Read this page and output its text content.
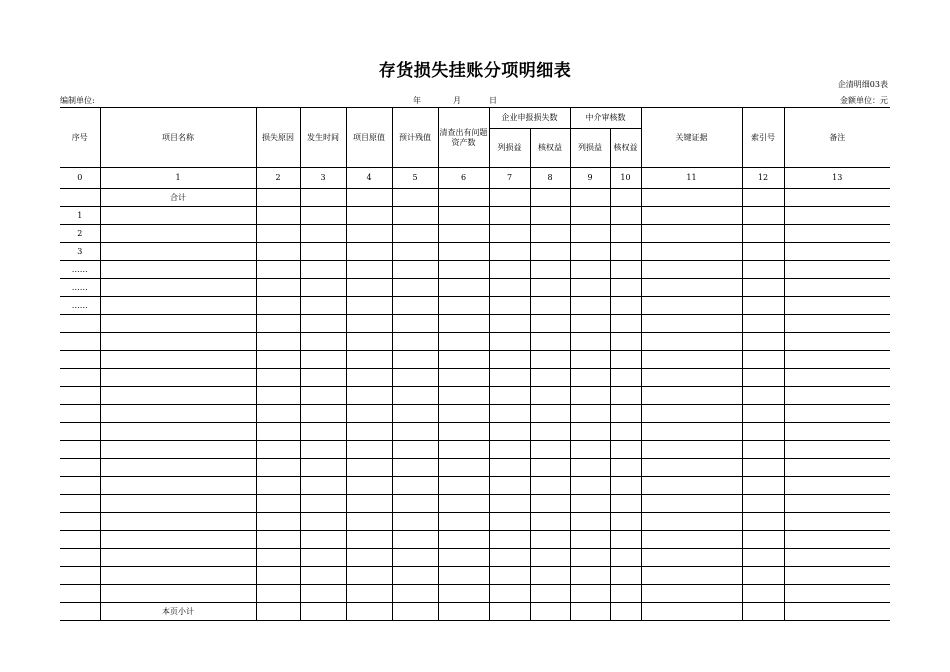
存货损失挂账分项明细表
企清明细03表
编制单位:	年	月	日	金额单位：元
序号	项目名称	损失原因	发生时间	项目原值	预计残值	清查出有问题资产数	企业申报损失数		中介审核数		关键证据	索引号	备注
							列损益	核权益	列损益	核权益			
0	1	2	3	4	5	6	7	8	9	10	11	12	13
	合计												
1													
2													
3													
……													
……													
……													

	本页小计												
